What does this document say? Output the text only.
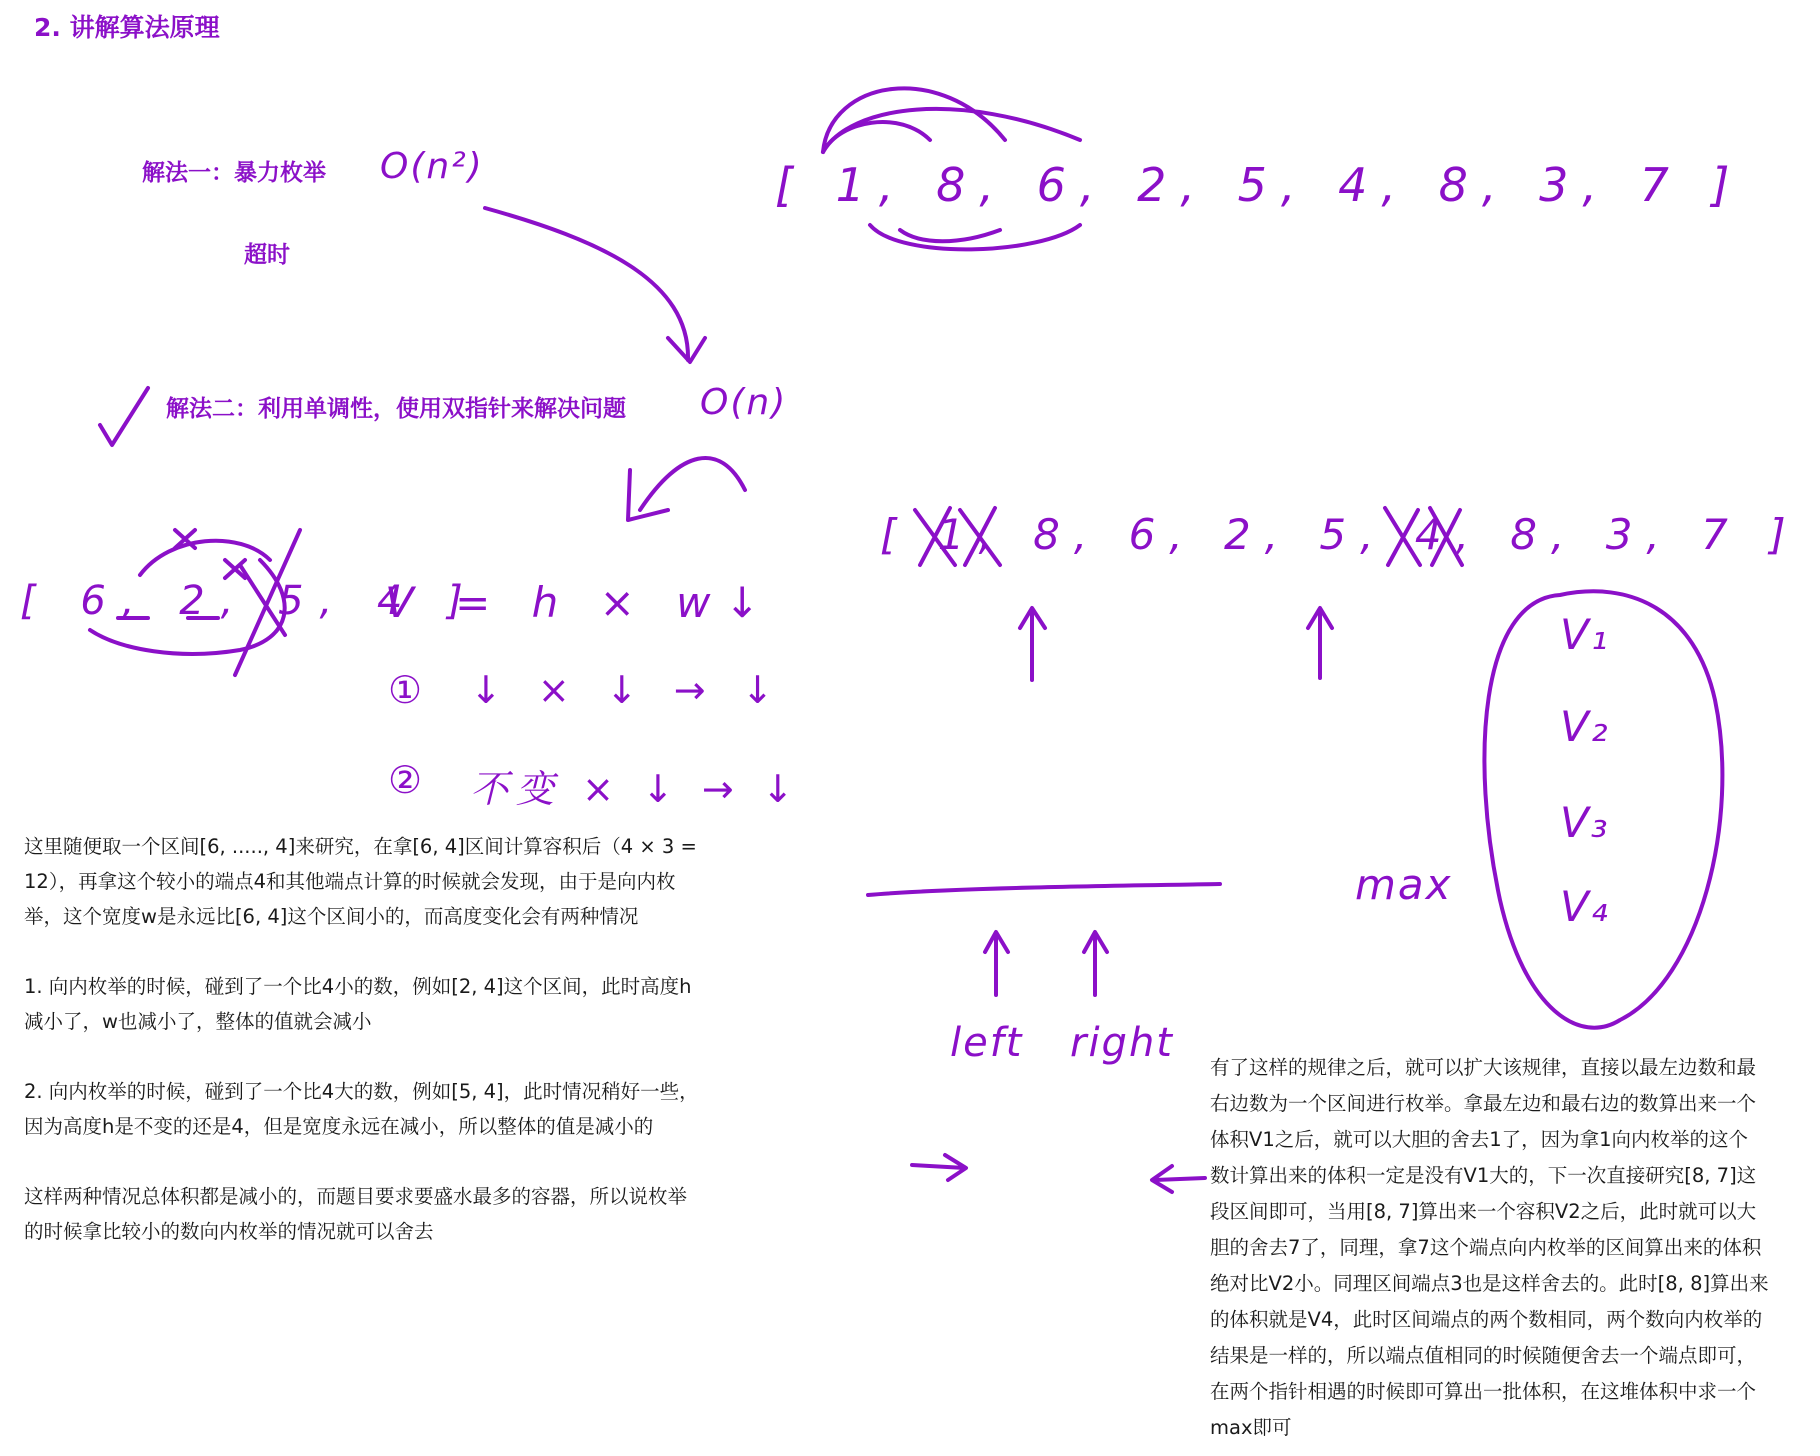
2. 讲解算法原理
解法一：暴力枚举 O(n²)
超时
解法二：利用单调性，使用双指针来解决问题 O(n)
[ 1, 8, 6, 2, 5, 4, 8, 3, 7 ]
[ 1, 8, 6, 2, 5, 4, 8, 3, 7 ]
[ 6, 2, 5, 4 ]
V = h × w↓
① ↓ × ↓ → ↓
② 不变 × ↓ → ↓
left right
V₁
V₂
V₃
V₄
max

这里随便取一个区间[6, ....., 4]来研究，在拿[6, 4]区间计算容积后（4 × 3 =

12），再拿这个较小的端点4和其他端点计算的时候就会发现，由于是向内枚

举，这个宽度w是永远比[6, 4]这个区间小的，而高度变化会有两种情况

1. 向内枚举的时候，碰到了一个比4小的数，例如[2, 4]这个区间，此时高度h

减小了，w也减小了，整体的值就会减小

2. 向内枚举的时候，碰到了一个比4大的数，例如[5, 4]，此时情况稍好一些，

因为高度h是不变的还是4，但是宽度永远在减小，所以整体的值是减小的

这样两种情况总体积都是减小的，而题目要求要盛水最多的容器，所以说枚举

的时候拿比较小的数向内枚举的情况就可以舍去

有了这样的规律之后，就可以扩大该规律，直接以最左边数和最

右边数为一个区间进行枚举。拿最左边和最右边的数算出来一个

体积V1之后，就可以大胆的舍去1了，因为拿1向内枚举的这个

数计算出来的体积一定是没有V1大的，下一次直接研究[8, 7]这

段区间即可，当用[8, 7]算出来一个容积V2之后，此时就可以大

胆的舍去7了，同理，拿7这个端点向内枚举的区间算出来的体积

绝对比V2小。同理区间端点3也是这样舍去的。此时[8, 8]算出来

的体积就是V4，此时区间端点的两个数相同，两个数向内枚举的

结果是一样的，所以端点值相同的时候随便舍去一个端点即可，

在两个指针相遇的时候即可算出一批体积，在这堆体积中求一个

max即可
